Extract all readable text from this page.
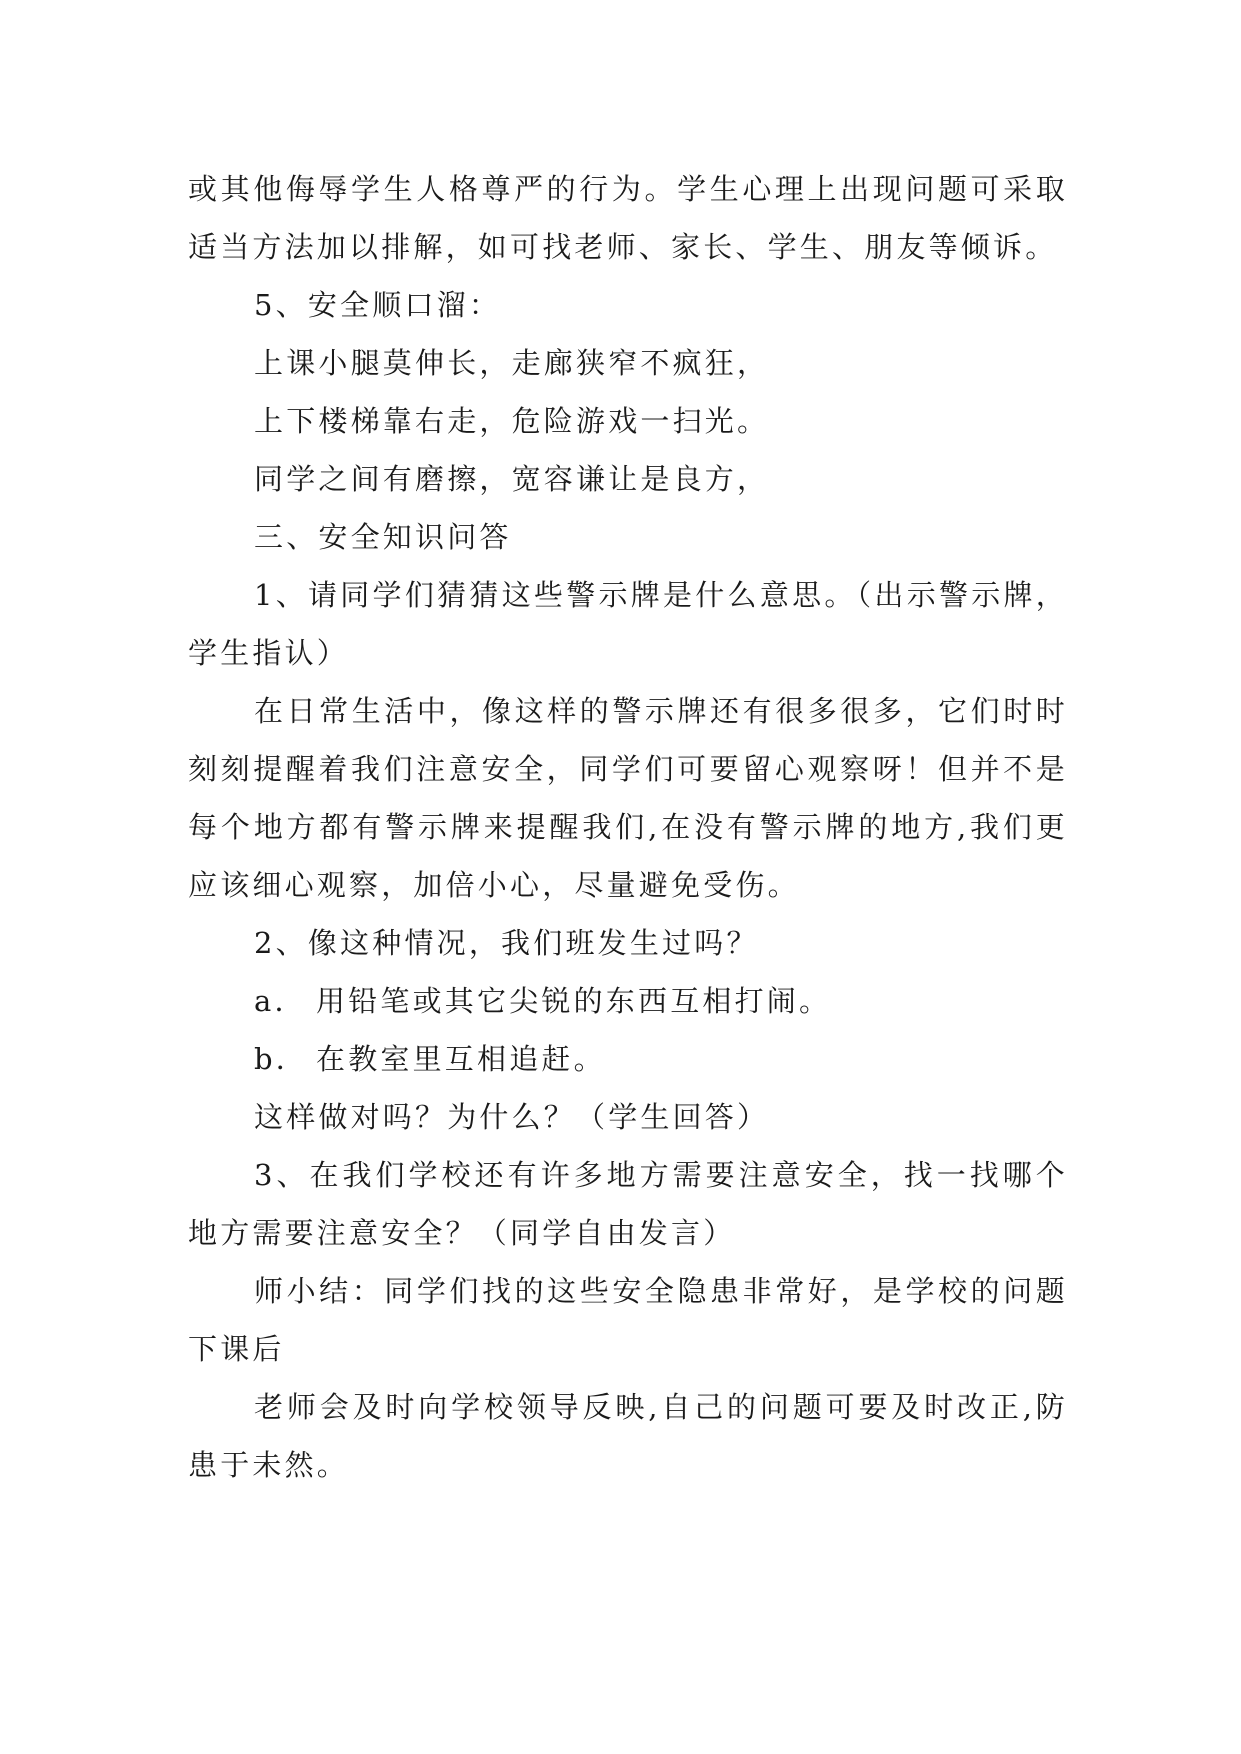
或其他侮辱学生人格尊严的行为。学生心理上出现问题可采取适当方法加以排解，如可找老师、家长、学生、朋友等倾诉。

5、安全顺口溜：

上课小腿莫伸长，走廊狭窄不疯狂，

上下楼梯靠右走，危险游戏一扫光。

同学之间有磨擦，宽容谦让是良方，

三、安全知识问答

1、请同学们猜猜这些警示牌是什么意思。（出示警示牌，学生指认）

在日常生活中，像这样的警示牌还有很多很多，它们时时刻刻提醒着我们注意安全，同学们可要留心观察呀！但并不是每个地方都有警示牌来提醒我们,在没有警示牌的地方,我们更应该细心观察，加倍小心，尽量避免受伤。

2、像这种情况，我们班发生过吗？

a． 用铅笔或其它尖锐的东西互相打闹。

b． 在教室里互相追赶。

这样做对吗？为什么？（学生回答）

3、在我们学校还有许多地方需要注意安全，找一找哪个地方需要注意安全？（同学自由发言）

师小结：同学们找的这些安全隐患非常好，是学校的问题下课后

老师会及时向学校领导反映,自己的问题可要及时改正,防患于未然。
